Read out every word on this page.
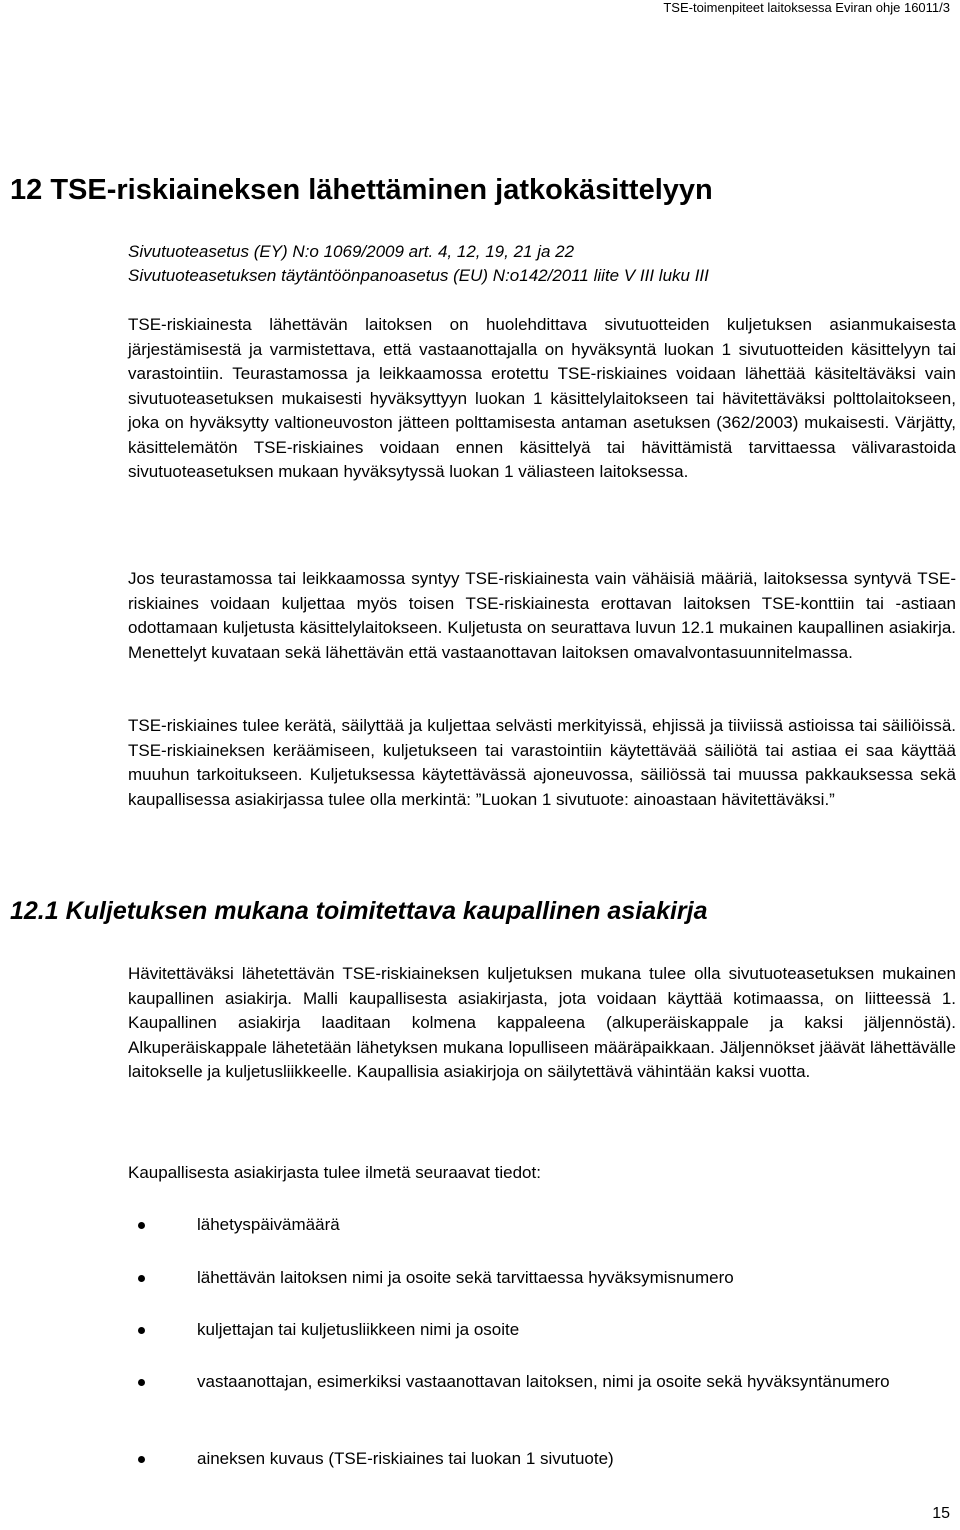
TSE-toimenpiteet laitoksessa Eviran ohje 16011/3
12 TSE-riskiaineksen lähettäminen jatkokäsittelyyn
Sivutuoteasetus (EY) N:o 1069/2009 art. 4, 12, 19, 21 ja 22
Sivutuoteasetuksen täytäntöönpanoasetus (EU) N:o142/2011 liite V III luku III

TSE-riskiainesta lähettävän laitoksen on huolehdittava sivutuotteiden kuljetuksen asianmukaisesta järjestämisestä ja varmistettava, että vastaanottajalla on hyväksyntä luokan 1 sivutuotteiden käsittelyyn tai varastointiin. Teurastamossa ja leikkaamossa erotettu TSE-riskiaines voidaan lähettää käsiteltäväksi vain sivutuoteasetuksen mukaisesti hyväksyttyyn luokan 1 käsittelylaitokseen tai hävitettäväksi polttolaitokseen, joka on hyväksytty valtioneuvoston jätteen polttamisesta antaman asetuksen (362/2003) mukaisesti. Värjätty, käsittelemätön TSE-riskiaines voidaan ennen käsittelyä tai hävittämistä tarvittaessa välivarastoida sivutuoteasetuksen mukaan hyväksytyssä luokan 1 väliasteen laitoksessa.

Jos teurastamossa tai leikkaamossa syntyy TSE-riskiainesta vain vähäisiä määriä, laitoksessa syntyvä TSE-riskiaines voidaan kuljettaa myös toisen TSE-riskiainesta erottavan laitoksen TSE-konttiin tai -astiaan odottamaan kuljetusta käsittelylaitokseen. Kuljetusta on seurattava luvun 12.1 mukainen kaupallinen asiakirja. Menettelyt kuvataan sekä lähettävän että vastaanottavan laitoksen omavalvontasuunnitelmassa.

TSE-riskiaines tulee kerätä, säilyttää ja kuljettaa selvästi merkityissä, ehjissä ja tiiviissä astioissa tai säiliöissä. TSE-riskiaineksen keräämiseen, kuljetukseen tai varastointiin käytettävää säiliötä tai astiaa ei saa käyttää muuhun tarkoitukseen. Kuljetuksessa käytettävässä ajoneuvossa, säiliössä tai muussa pakkauksessa sekä kaupallisessa asiakirjassa tulee olla merkintä: ”Luokan 1 sivutuote: ainoastaan hävitettäväksi.”

12.1 Kuljetuksen mukana toimitettava kaupallinen asiakirja

Hävitettäväksi lähetettävän TSE-riskiaineksen kuljetuksen mukana tulee olla sivutuoteasetuksen mukainen kaupallinen asiakirja. Malli kaupallisesta asiakirjasta, jota voidaan käyttää kotimaassa, on liitteessä 1. Kaupallinen asiakirja laaditaan kolmena kappaleena (alkuperäiskappale ja kaksi jäljennöstä). Alkuperäiskappale lähetetään lähetyksen mukana lopulliseen määräpaikkaan. Jäljennökset jäävät lähettävälle laitokselle ja kuljetusliikkeelle. Kaupallisia asiakirjoja on säilytettävä vähintään kaksi vuotta.

Kaupallisesta asiakirjasta tulee ilmetä seuraavat tiedot:

lähetyspäivämäärä
lähettävän laitoksen nimi ja osoite sekä tarvittaessa hyväksymisnumero
kuljettajan tai kuljetusliikkeen nimi ja osoite
vastaanottajan, esimerkiksi vastaanottavan laitoksen, nimi ja osoite sekä hyväksyntänumero
aineksen kuvaus (TSE-riskiaines tai luokan 1 sivutuote)
15
